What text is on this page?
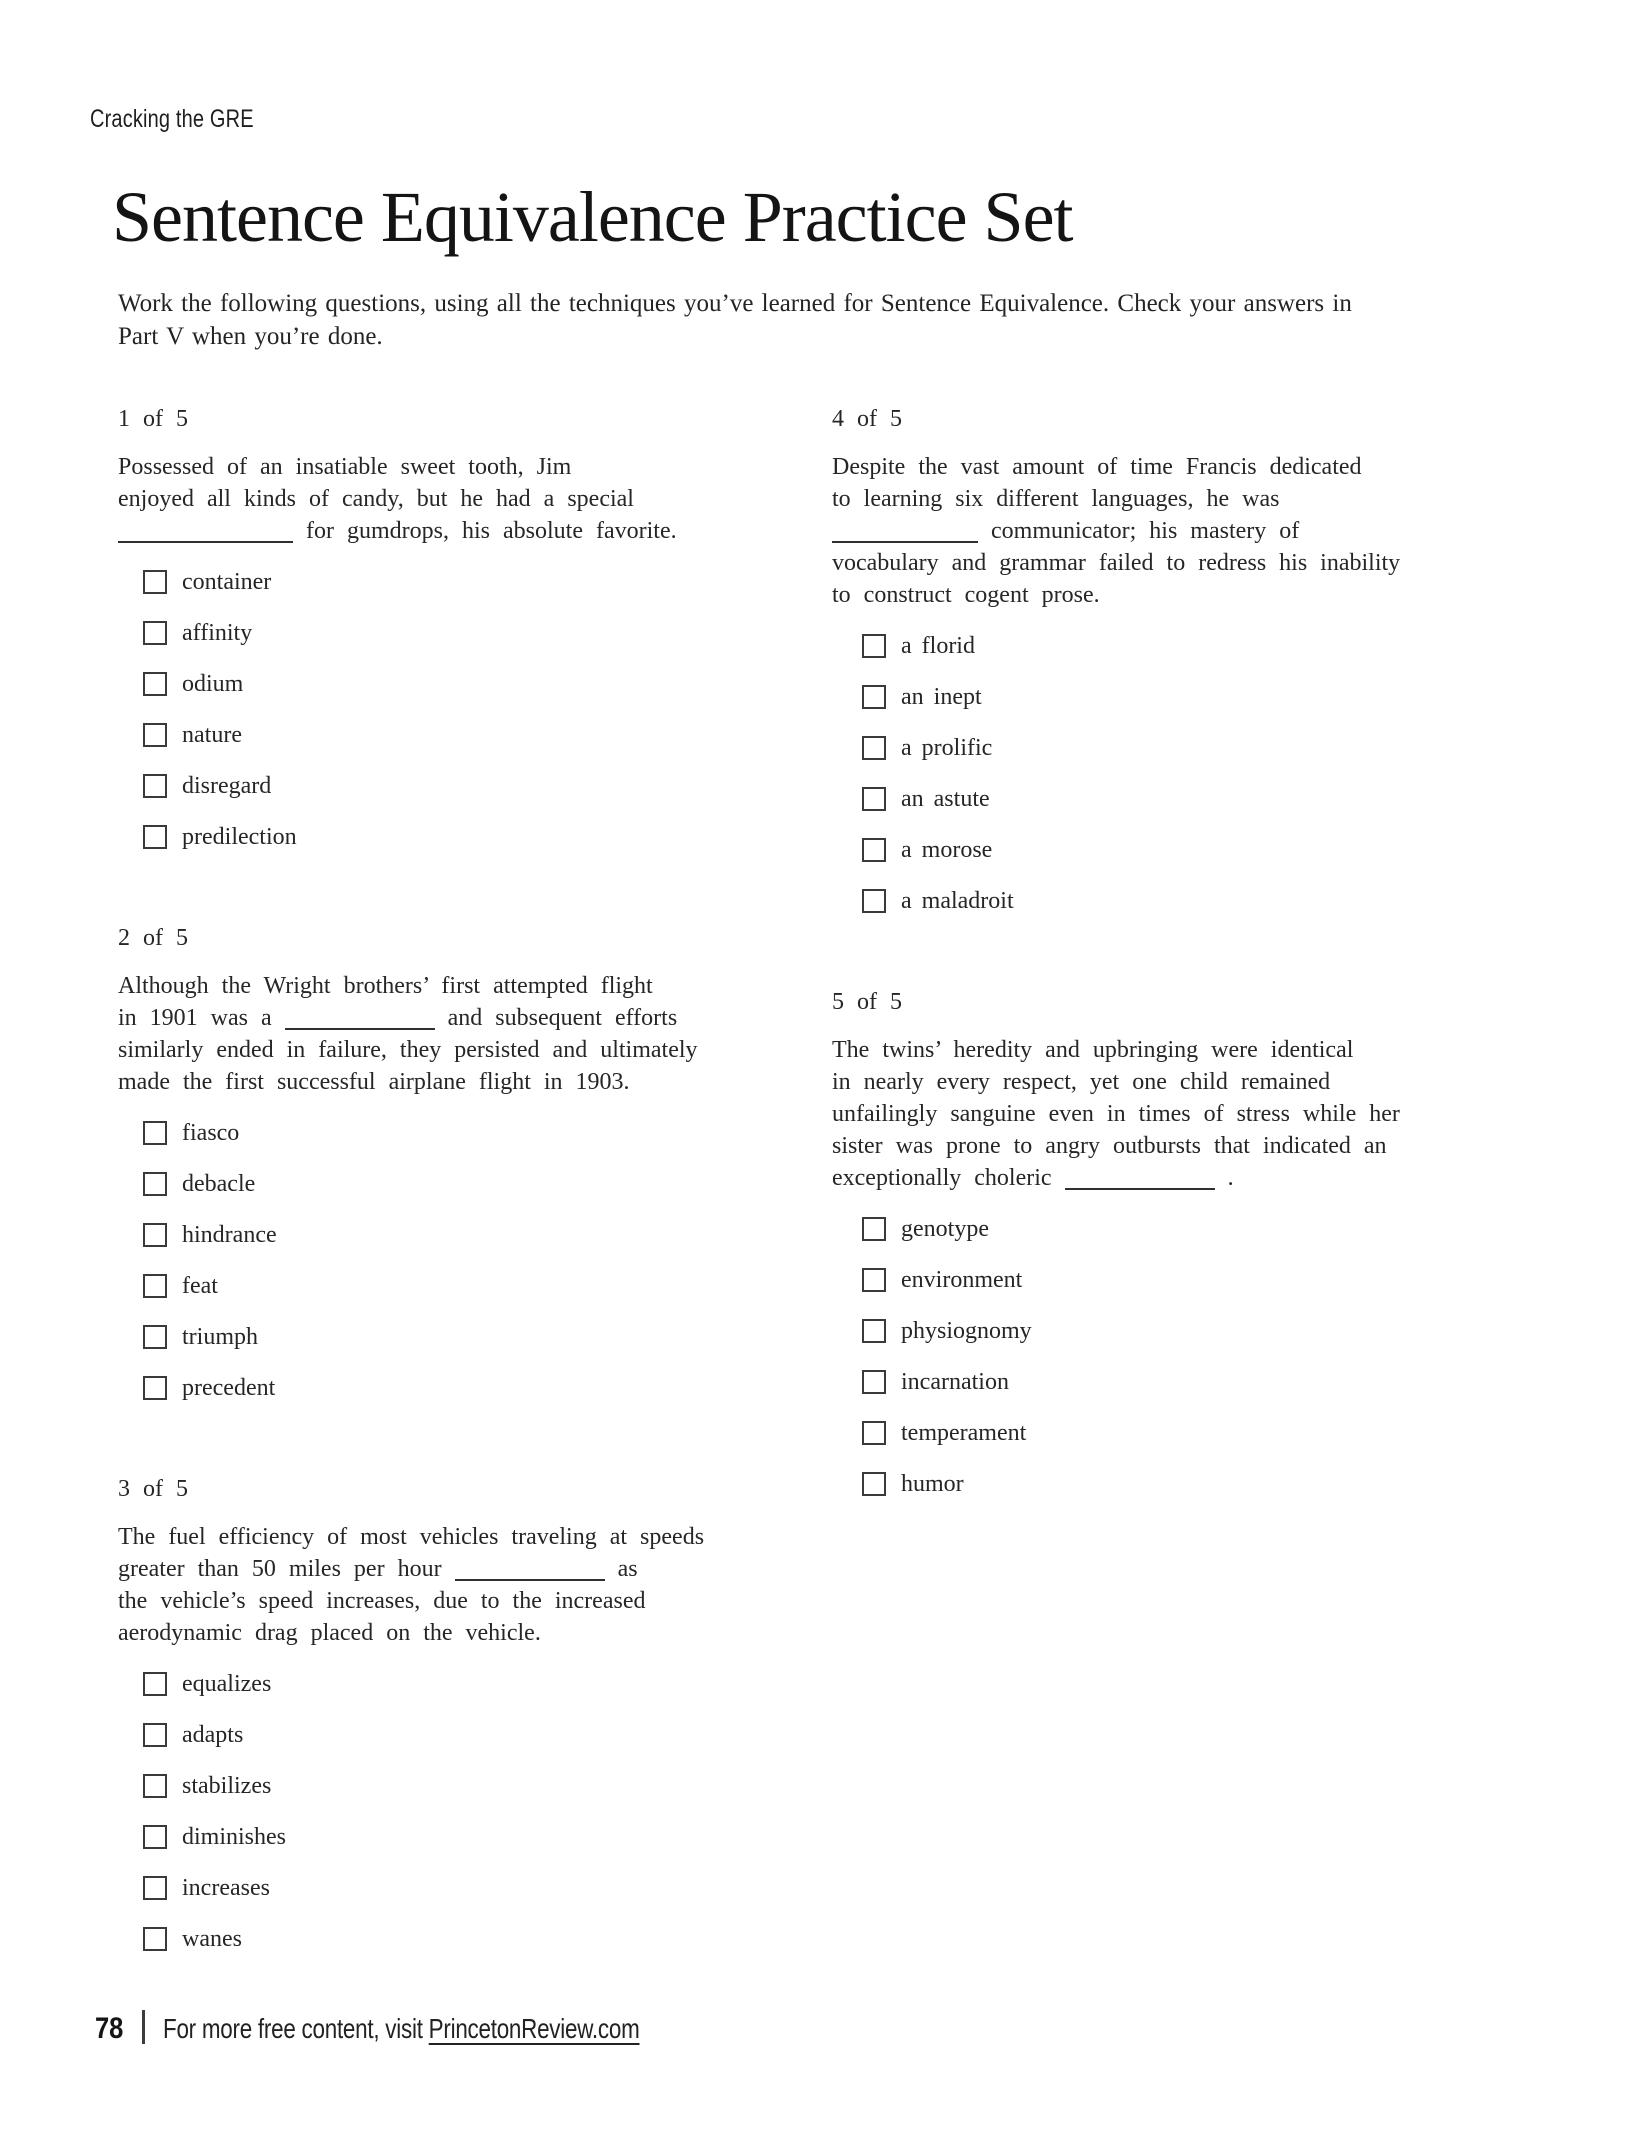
Cracking the GRE
Sentence Equivalence Practice Set
Work the following questions, using all the techniques you’ve learned for Sentence Equivalence. Check your answers in
Part V when you’re done.
1 of 5
Possessed of an insatiable sweet tooth, Jim
enjoyed all kinds of candy, but he had a special
for gumdrops, his absolute favorite.
container
affinity
odium
nature
disregard
predilection
2 of 5
Although the Wright brothers’ first attempted flight
in 1901 was a	and subsequent efforts
similarly ended in failure, they persisted and ultimately
made the first successful airplane flight in 1903.
fiasco
debacle
hindrance
feat
triumph
precedent
3 of 5
The fuel efficiency of most vehicles traveling at speeds
greater than 50 miles per hour	as
the vehicle’s speed increases, due to the increased
aerodynamic drag placed on the vehicle.
equalizes
adapts
stabilizes
diminishes
increases
wanes
4 of 5
Despite the vast amount of time Francis dedicated
to learning six different languages, he was
communicator; his mastery of
vocabulary and grammar failed to redress his inability
to construct cogent prose.
a florid
an inept
a prolific
an astute
a morose
a maladroit
5 of 5
The twins’ heredity and upbringing were identical
in nearly every respect, yet one child remained
unfailingly sanguine even in times of stress while her
sister was prone to angry outbursts that indicated an
exceptionally choleric	.
genotype
environment
physiognomy
incarnation
temperament
humor
78 For more free content, visit PrincetonReview.com
